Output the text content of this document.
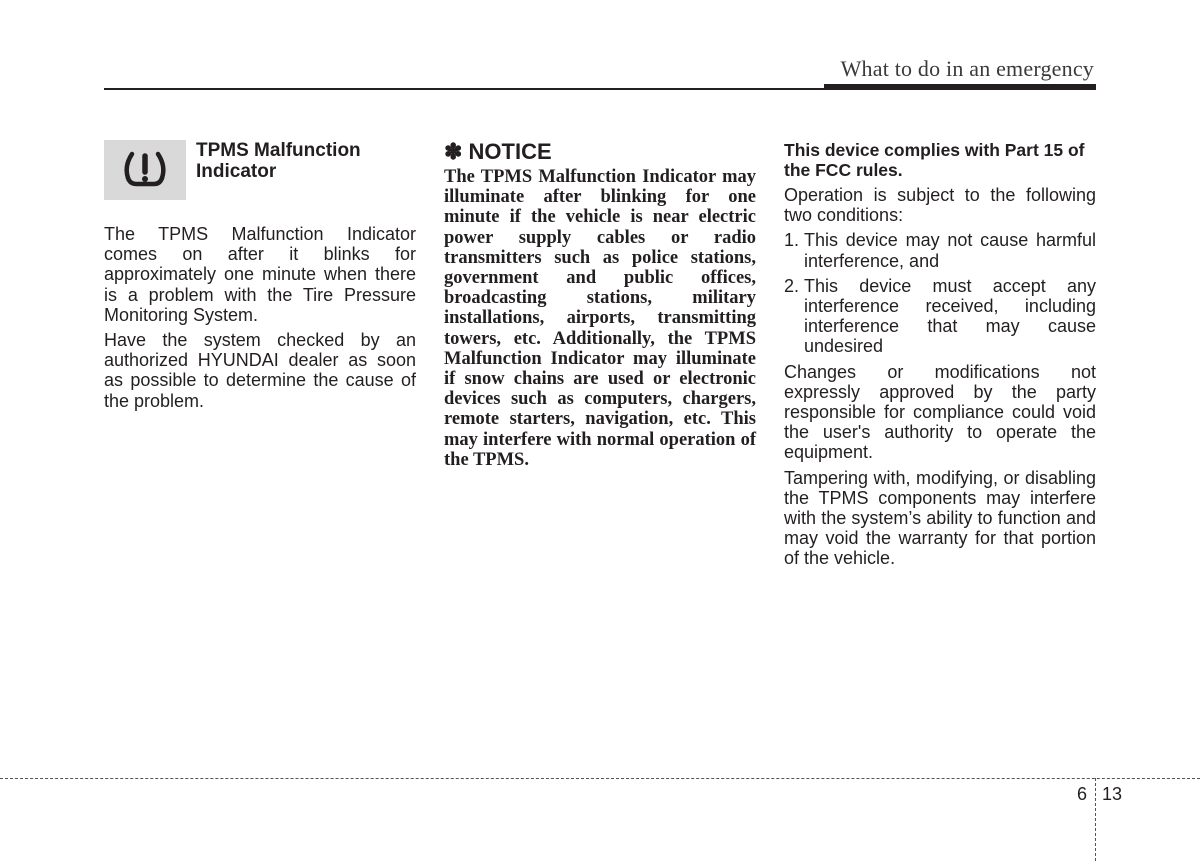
What to do in an emergency
TPMS Malfunction Indicator

The TPMS Malfunction Indicator comes on after it blinks for approximately one minute when there is a problem with the Tire Pressure Monitoring System.

Have the system checked by an authorized HYUNDAI dealer as soon as possible to determine the cause of the problem.

✽ NOTICE

The TPMS Malfunction Indicator may illuminate after blinking for one minute if the vehicle is near electric power supply cables or radio transmitters such as police stations, government and public offices, broadcasting stations, military installations, airports, transmitting towers, etc. Additionally, the TPMS Malfunction Indicator may illuminate if snow chains are used or electronic devices such as computers, chargers, remote starters, navigation, etc. This may interfere with normal operation of the TPMS.

This device complies with Part 15 of the FCC rules.

Operation is subject to the following two conditions:

1. This device may not cause harmful interference, and
2. This device must accept any interference received, including interference that may cause undesired

Changes or modifications not expressly approved by the party responsible for compliance could void the user's authority to operate the equipment.

Tampering with, modifying, or disabling the TPMS components may interfere with the system’s ability to function and may void the warranty for that portion of the vehicle.

6 13
